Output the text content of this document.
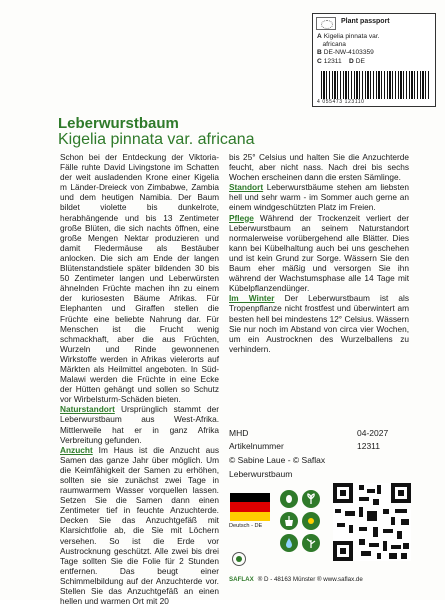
Plant passport
A Kigelia pinnata var.
africana
B DE-NW-4103359
C 12311 D DE
4 055473 123110
Leberwurstbaum
Kigelia pinnata var. africana

Schon bei der Entdeckung der Viktoria-Fälle ruhte David Livingstone im Schatten der weit ausladenden Krone einer Kigelia m Länder-Dreieck von Zimbabwe, Zambia und dem heutigen Namibia. Der Baum bildet violette bis dunkelrote, herabhängende und bis 13 Zentimeter große Blüten, die sich nachts öffnen, eine große Mengen Nektar produzieren und damit Fledermäuse als Bestäuber anlocken. Die sich am Ende der langen Blütenstandstiele später bildenden 30 bis 50 Zentimeter langen und Leberwürsten ähnelnden Früchte machen ihn zu einem der kuriosesten Bäume Afrikas. Für Elephanten und Giraffen stellen die Früchte eine beliebte Nahrung dar. Für Menschen ist die Frucht wenig schmackhaft, aber die aus Früchten, Wurzeln und Rinde gewonnenen Wirkstoffe werden in Afrikas vielerorts auf Märkten als Heilmittel angeboten. In Süd-Malawi werden die Früchte in eine Ecke der Hütten gehängt und sollen so Schutz vor Wirbelsturm-Schäden bieten.

Naturstandort Ursprünglich stammt der Leberwurstbaum aus West-Afrika. Mittlerweile hat er in ganz Afrika Verbreitung gefunden.

Anzucht Im Haus ist die Anzucht aus Samen das ganze Jahr über möglich. Um die Keimfähigkeit der Samen zu erhöhen, sollten sie sie zunächst zwei Tage in raumwarmem Wasser vorquellen lassen. Setzen Sie die Samen dann einen Zentimeter tief in feuchte Anzuchterde. Decken Sie das Anzuchtgefäß mit Klarsichtfolie ab, die Sie mit Löchern versehen. So ist die Erde vor Austrocknung geschützt. Alle zwei bis drei Tage sollten Sie die Folie für 2 Stunden entfernen. Das beugt einer Schimmelbildung auf der Anzuchterde vor. Stellen Sie das Anzuchtgefäß an einen hellen und warmen Ort mit 20

bis 25° Celsius und halten Sie die Anzuchterde feucht, aber nicht nass. Nach drei bis sechs Wochen erscheinen dann die ersten Sämlinge.

Standort Leberwurstbäume stehen am liebsten hell und sehr warm - im Sommer auch gerne an einem windgeschützten Platz im Freien.

Pflege Während der Trockenzeit verliert der Leberwurstbaum an seinem Naturstandort normalerweise vorübergehend alle Blätter. Dies kann bei Kübelhaltung auch bei uns geschehen und ist kein Grund zur Sorge. Wässern Sie den Baum eher mäßig und versorgen Sie ihn während der Wachstumsphase alle 14 Tage mit Kübelpflanzendünger.

Im Winter Der Leberwurstbaum ist als Tropenpflanze nicht frostfest und überwintert am besten hell bei mindestens 12° Celsius. Wässern Sie nur noch im Abstand von circa vier Wochen, um ein Austrocknen des Wurzelballens zu verhindern.

MHD	04-2027
Artikelnummer	12311
© Sabine Laue - © Saflax
Leberwurstbaum
Deutsch - DE
SAFLAX ® D - 48163 Münster ® www.saflax.de
